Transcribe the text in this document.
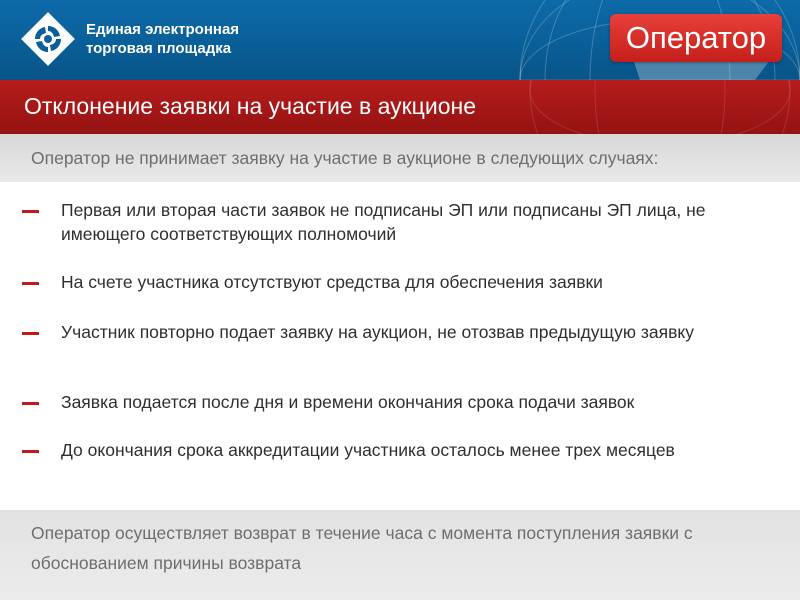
Единая электронная
торговая площадка	Оператор
Отклонение заявки на участие в аукционе
Оператор не принимает заявку на участие в аукционе в следующих случаях:
Первая или вторая части заявок не подписаны ЭП или подписаны ЭП лица, не имеющего соответствующих полномочий
На счете участника отсутствуют средства для обеспечения заявки
Участник повторно подает заявку на аукцион, не отозвав предыдущую заявку
Заявка подается после дня и времени окончания срока подачи заявок
До окончания срока аккредитации участника осталось менее трех месяцев
Оператор осуществляет возврат в течение часа с момента поступления заявки с обоснованием причины возврата
